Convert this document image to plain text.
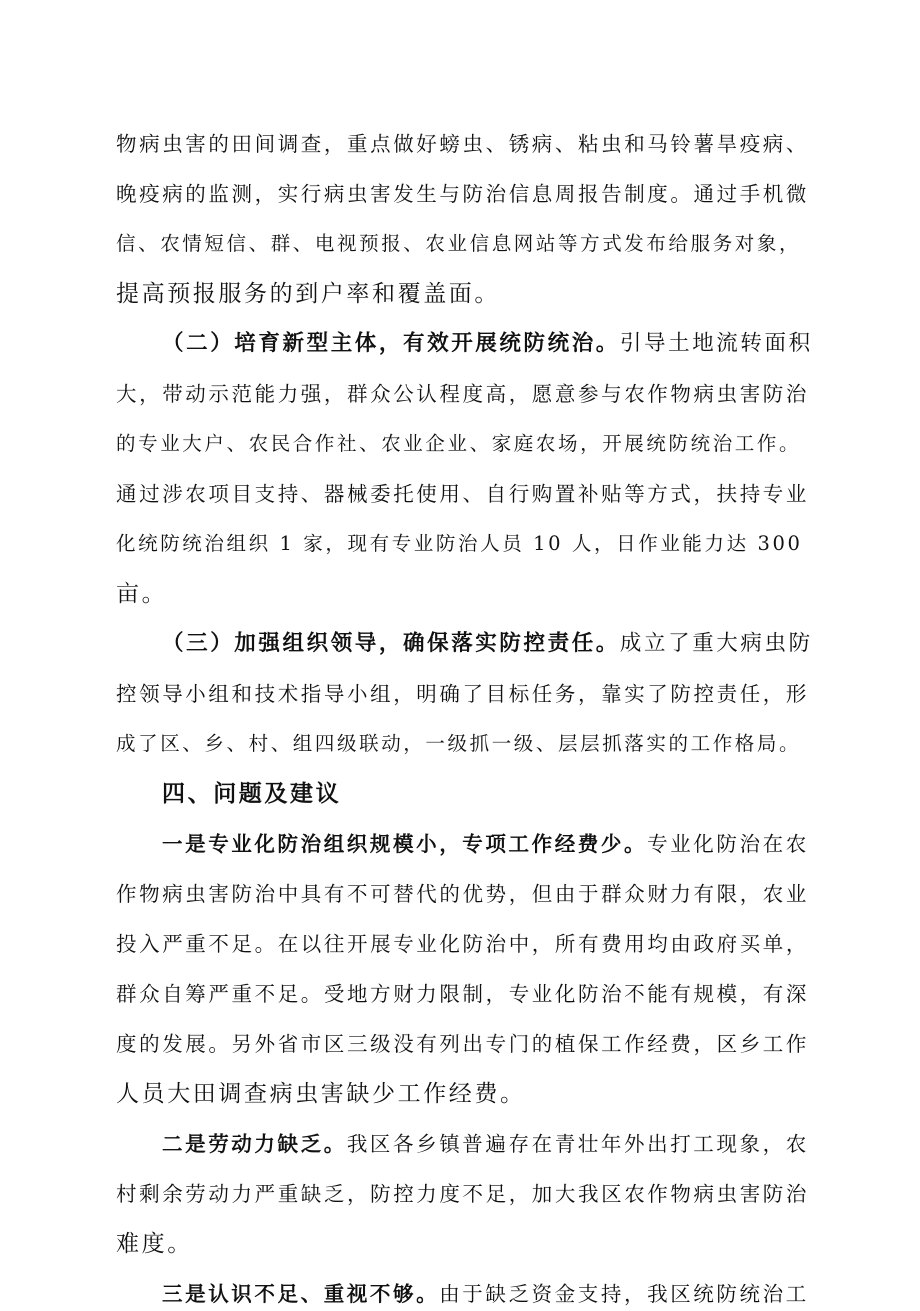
物病虫害的田间调查，重点做好螃虫、锈病、粘虫和马铃薯旱疫病、
晚疫病的监测，实行病虫害发生与防治信息周报告制度。通过手机微
信、农情短信、群、电视预报、农业信息网站等方式发布给服务对象，
提高预报服务的到户率和覆盖面。
（二）培育新型主体，有效开展统防统治。引导土地流转面积
大，带动示范能力强，群众公认程度高，愿意参与农作物病虫害防治
的专业大户、农民合作社、农业企业、家庭农场，开展统防统治工作。
通过涉农项目支持、器械委托使用、自行购置补贴等方式，扶持专业
化统防统治组织 1 家，现有专业防治人员 10 人，日作业能力达 300
亩。
（三）加强组织领导，确保落实防控责任。成立了重大病虫防
控领导小组和技术指导小组，明确了目标任务，靠实了防控责任，形
成了区、乡、村、组四级联动，一级抓一级、层层抓落实的工作格局。
四、问题及建议
一是专业化防治组织规模小，专项工作经费少。专业化防治在农
作物病虫害防治中具有不可替代的优势，但由于群众财力有限，农业
投入严重不足。在以往开展专业化防治中，所有费用均由政府买单，
群众自筹严重不足。受地方财力限制，专业化防治不能有规模，有深
度的发展。另外省市区三级没有列出专门的植保工作经费，区乡工作
人员大田调查病虫害缺少工作经费。
二是劳动力缺乏。我区各乡镇普遍存在青壮年外出打工现象，农
村剩余劳动力严重缺乏，防控力度不足，加大我区农作物病虫害防治
难度。
三是认识不足、重视不够。由于缺乏资金支持，我区统防统治工
